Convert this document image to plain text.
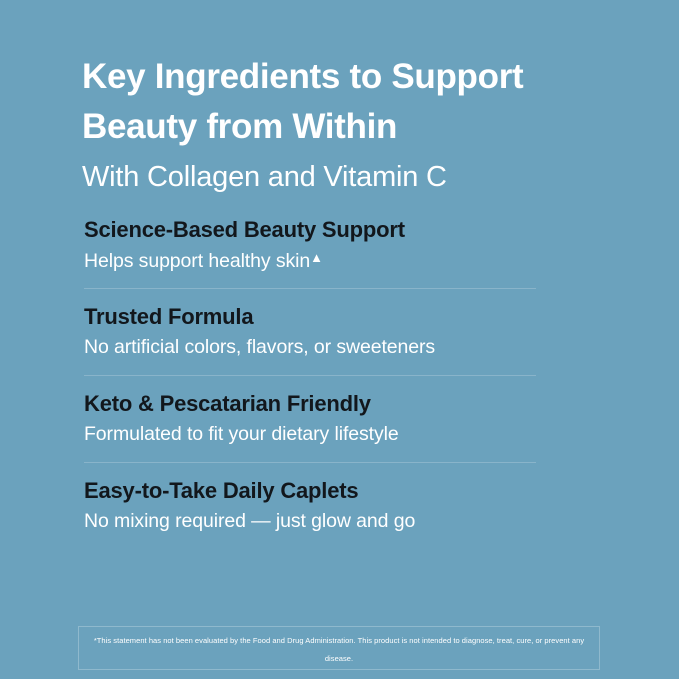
Key Ingredients to Support
Beauty from Within

With Collagen and Vitamin C

Science-Based Beauty Support

Helps support healthy skin▲

Trusted Formula

No artificial colors, flavors, or sweeteners

Keto & Pescatarian Friendly

Formulated to fit your dietary lifestyle

Easy-to-Take Daily Caplets

No mixing required — just glow and go

*This statement has not been evaluated by the Food and Drug Administration. This product is not intended to diagnose, treat, cure, or prevent any disease.
